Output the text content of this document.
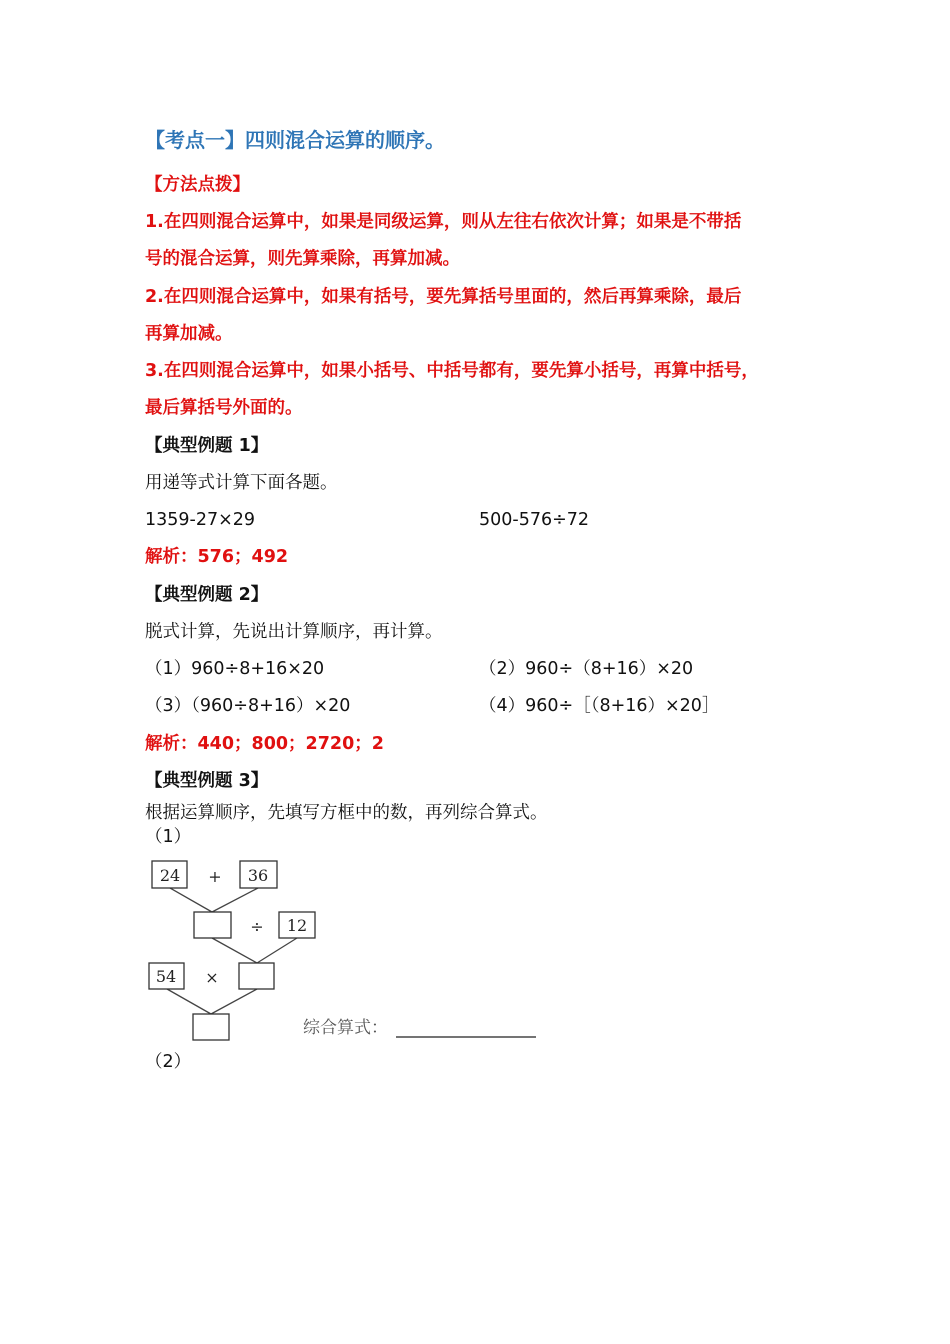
【考点一】四则混合运算的顺序。
【方法点拨】
1.在四则混合运算中，如果是同级运算，则从左往右依次计算；如果是不带括
号的混合运算，则先算乘除，再算加减。
2.在四则混合运算中，如果有括号，要先算括号里面的，然后再算乘除，最后
再算加减。
3.在四则混合运算中，如果小括号、中括号都有，要先算小括号，再算中括号，
最后算括号外面的。
【典型例题 1】
用递等式计算下面各题。
1359-27×29	500-576÷72
解析：576；492
【典型例题 2】
脱式计算，先说出计算顺序，再计算。
（1）960÷8+16×20	（2）960÷（8+16）×20
（3）（960÷8+16）×20	（4）960÷［（8+16）×20］
解析：440；800；2720；2
【典型例题 3】
根据运算顺序，先填写方框中的数，再列综合算式。
（1）
24 + 36
÷ 12
54 ×
综合算式：
（2）
